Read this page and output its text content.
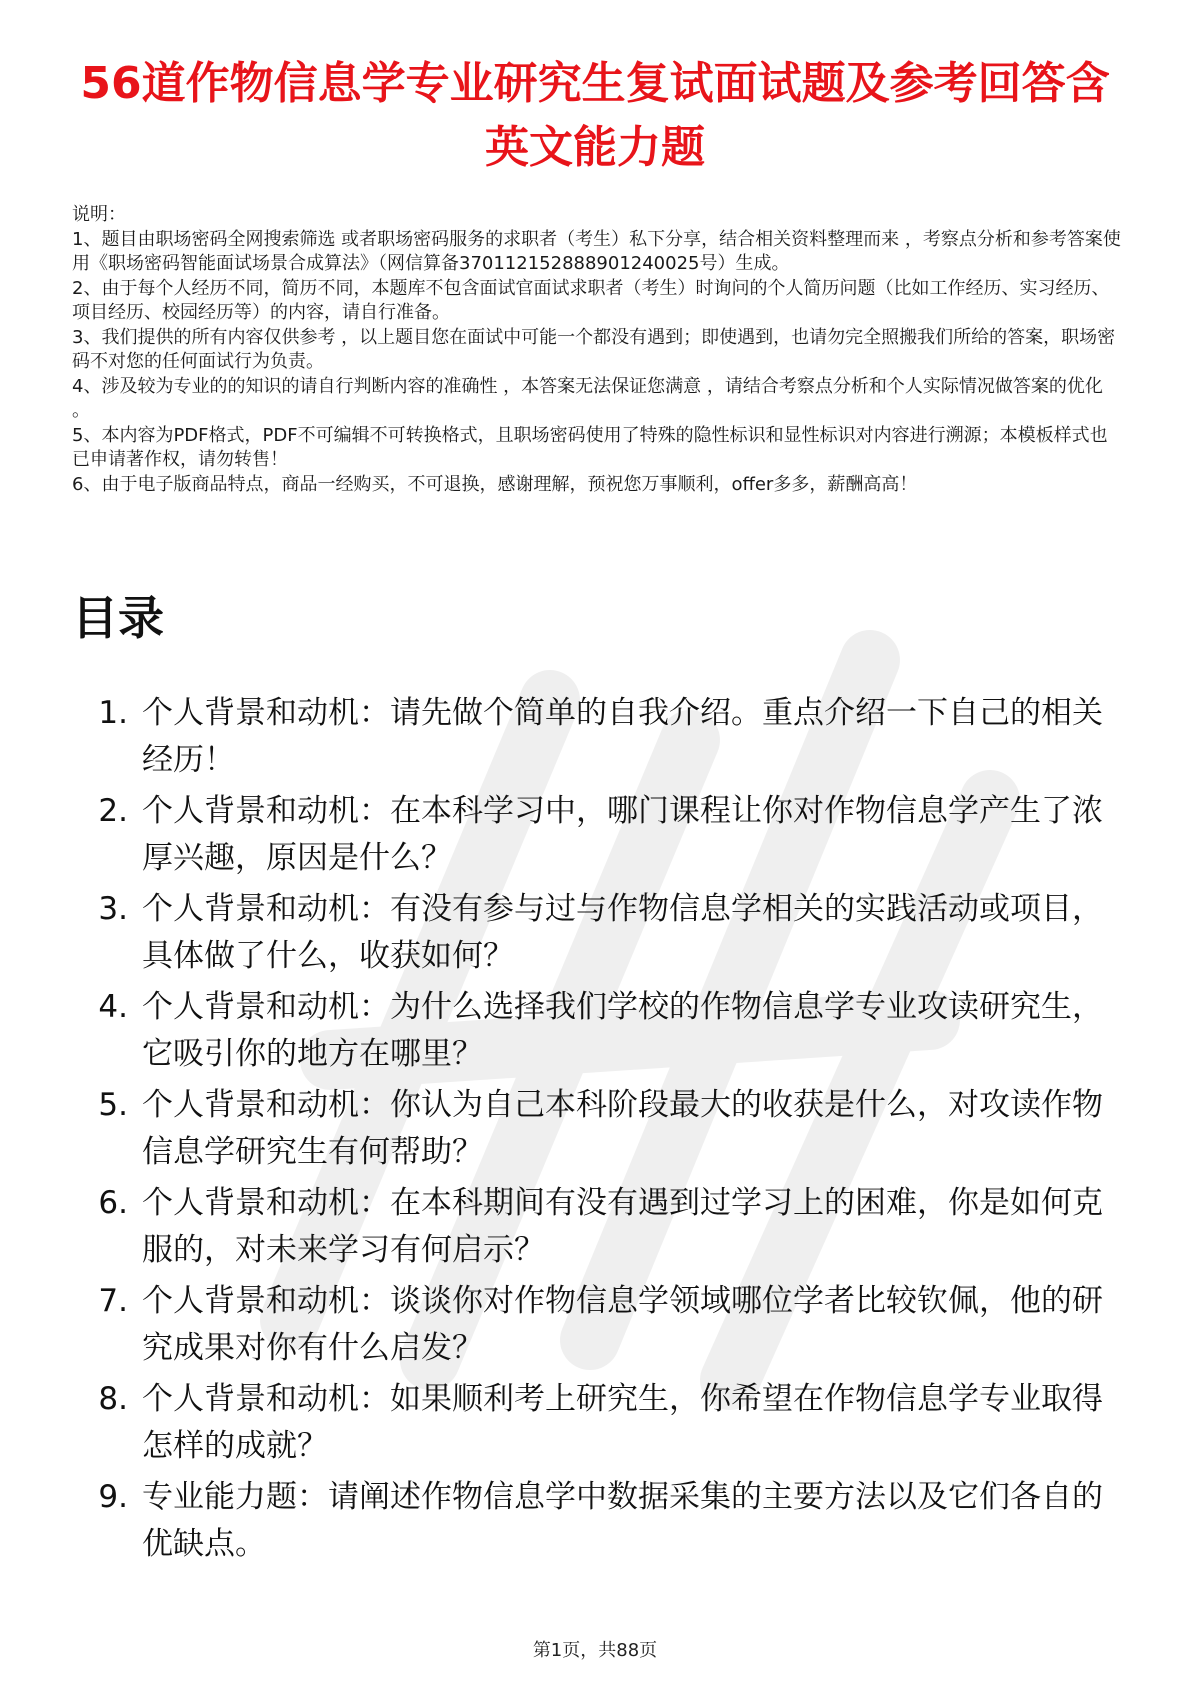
56道作物信息学专业研究生复试面试题及参考回答含英文能力题

说明：

1、题目由职场密码全网搜索筛选 或者职场密码服务的求职者（考生）私下分享，结合相关资料整理而来 ，考察点分析和参考答案使用《职场密码智能面试场景合成算法》（网信算备370112152888901240025号）生成。

2、由于每个人经历不同，简历不同，本题库不包含面试官面试求职者（考生）时询问的个人简历问题（比如工作经历、实习经历、项目经历、校园经历等）的内容，请自行准备。

3、我们提供的所有内容仅供参考 ，以上题目您在面试中可能一个都没有遇到；即使遇到，也请勿完全照搬我们所给的答案，职场密码不对您的任何面试行为负责。

4、涉及较为专业的的知识的请自行判断内容的准确性 ，本答案无法保证您满意 ，请结合考察点分析和个人实际情况做答案的优化 。

5、本内容为PDF格式，PDF不可编辑不可转换格式，且职场密码使用了特殊的隐性标识和显性标识对内容进行溯源；本模板样式也已申请著作权，请勿转售！

6、由于电子版商品特点，商品一经购买，不可退换，感谢理解，预祝您万事顺利，offer多多，薪酬高高！

目录
1. 个人背景和动机：请先做个简单的自我介绍。重点介绍一下自己的相关经历！
2. 个人背景和动机：在本科学习中，哪门课程让你对作物信息学产生了浓厚兴趣，原因是什么？
3. 个人背景和动机：有没有参与过与作物信息学相关的实践活动或项目，具体做了什么，收获如何？
4. 个人背景和动机：为什么选择我们学校的作物信息学专业攻读研究生，它吸引你的地方在哪里？
5. 个人背景和动机：你认为自己本科阶段最大的收获是什么，对攻读作物信息学研究生有何帮助？
6. 个人背景和动机：在本科期间有没有遇到过学习上的困难，你是如何克服的，对未来学习有何启示？
7. 个人背景和动机：谈谈你对作物信息学领域哪位学者比较钦佩，他的研究成果对你有什么启发？
8. 个人背景和动机：如果顺利考上研究生，你希望在作物信息学专业取得怎样的成就？
9. 专业能力题：请阐述作物信息学中数据采集的主要方法以及它们各自的优缺点。
第1页，共88页
